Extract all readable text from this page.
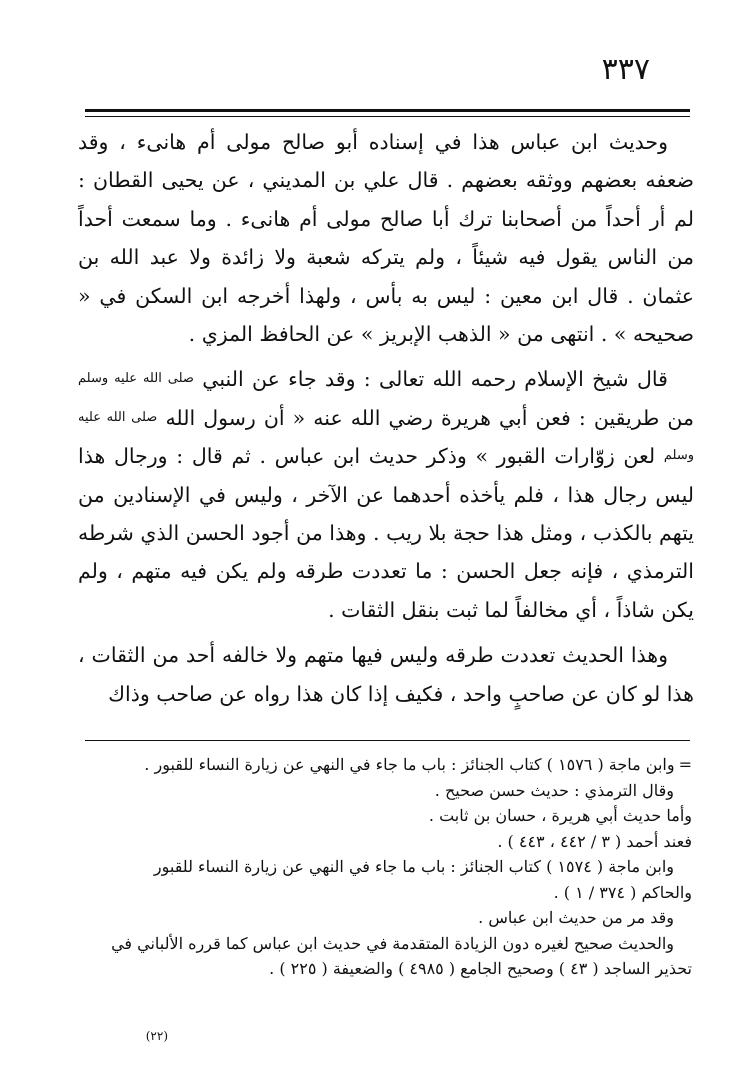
٣٣٧

وحديث ابن عباس هذا في إسناده أبو صالح مولى أم هانىء ، وقد ضعفه بعضهم ووثقه بعضهم . قال علي بن المديني ، عن يحيى القطان : لم أر أحداً من أصحابنا ترك أبا صالح مولى أم هانىء . وما سمعت أحداً من الناس يقول فيه شيئاً ، ولم يتركه شعبة ولا زائدة ولا عبد الله بن عثمان . قال ابن معين : ليس به بأس ، ولهذا أخرجه ابن السكن في « صحيحه » . انتهى من « الذهب الإبريز » عن الحافظ المزي .

قال شيخ الإسلام رحمه الله تعالى : وقد جاء عن النبي صلى الله عليه وسلم من طريقين : فعن أبي هريرة رضي الله عنه « أن رسول الله صلى الله عليه وسلم لعن زوّارات القبور » وذكر حديث ابن عباس . ثم قال : ورجال هذا ليس رجال هذا ، فلم يأخذه أحدهما عن الآخر ، وليس في الإسنادين من يتهم بالكذب ، ومثل هذا حجة بلا ريب . وهذا من أجود الحسن الذي شرطه الترمذي ، فإنه جعل الحسن : ما تعددت طرقه ولم يكن فيه متهم ، ولم يكن شاذاً ، أي مخالفاً لما ثبت بنقل الثقات .

وهذا الحديث تعددت طرقه وليس فيها متهم ولا خالفه أحد من الثقات ، هذا لو كان عن صاحبٍ واحد ، فكيف إذا كان هذا رواه عن صاحب وذاك

=وابن ماجة ( ١٥٧٦ ) كتاب الجنائز : باب ما جاء في النهي عن زيارة النساء للقبور .

وقال الترمذي : حديث حسن صحيح .

وأما حديث أبي هريرة ، حسان بن ثابت .

فعند أحمد ( ٣ / ٤٤٢ ، ٤٤٣ ) .

وابن ماجة ( ١٥٧٤ ) كتاب الجنائز : باب ما جاء في النهي عن زيارة النساء للقبور

والحاكم ( ٣٧٤ / ١ ) .

وقد مر من حديث ابن عباس .

والحديث صحيح لغيره دون الزيادة المتقدمة في حديث ابن عباس كما قرره الألباني في

تحذير الساجد ( ٤٣ ) وصحيح الجامع ( ٤٩٨٥ ) والضعيفة ( ٢٢٥ ) .

(٢٢)
